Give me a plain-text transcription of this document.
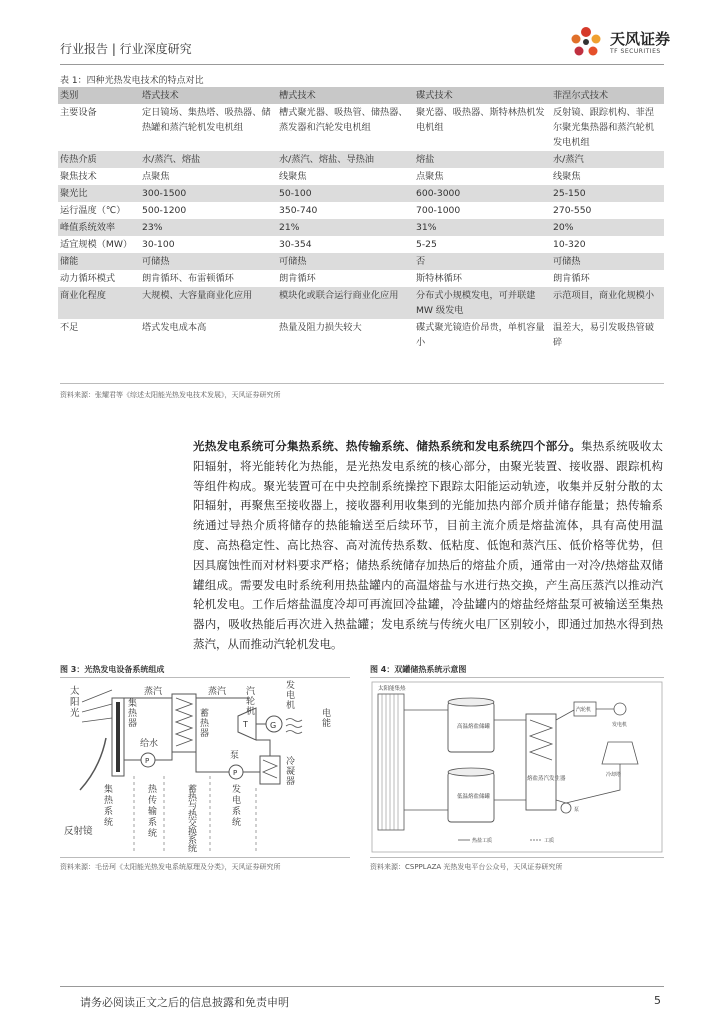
行业报告 | 行业深度研究
天风证券
TF SECURITIES
表 1：四种光热发电技术的特点对比
类别	塔式技术	槽式技术	碟式技术	菲涅尔式技术
主要设备	定日镜场、集热塔、吸热器、储热罐和蒸汽轮机发电机组	槽式聚光器、吸热管、储热器、蒸发器和汽轮发电机组	聚光器、吸热器、斯特林热机发电机组	反射镜、跟踪机构、菲涅尔聚光集热器和蒸汽轮机发电机组
传热介质	水/蒸汽、熔盐	水/蒸汽、熔盐、导热油	熔盐	水/蒸汽
聚焦技术	点聚焦	线聚焦	点聚焦	线聚焦
聚光比	300-1500	50-100	600-3000	25-150
运行温度（℃）	500-1200	350-740	700-1000	270-550
峰值系统效率	23%	21%	31%	20%
适宜规模（MW）	30-100	30-354	5-25	10-320
储能	可储热	可储热	否	可储热
动力循环模式	朗肯循环、布雷顿循环	朗肯循环	斯特林循环	朗肯循环
商业化程度	大规模、大容量商业化应用	模块化或联合运行商业化应用	分布式小规模发电，可并联建 MW 级发电	示范项目，商业化规模小
不足	塔式发电成本高	热量及阻力损失较大	碟式聚光镜造价昂贵，单机容量小	温差大，易引发吸热管破碎
资料来源：张耀君等《综述太阳能光热发电技术发展》，天风证券研究所
光热发电系统可分集热系统、热传输系统、储热系统和发电系统四个部分。集热系统吸收太阳辐射，将光能转化为热能，是光热发电系统的核心部分，由聚光装置、接收器、跟踪机构等组件构成。聚光装置可在中央控制系统操控下跟踪太阳能运动轨迹，收集并反射分散的太阳辐射，再聚焦至接收器上，接收器利用收集到的光能加热内部介质并储存能量；热传输系统通过导热介质将储存的热能输送至后续环节，目前主流介质是熔盐流体，具有高使用温度、高热稳定性、高比热容、高对流传热系数、低粘度、低饱和蒸汽压、低价格等优势，但因具腐蚀性而对材料要求严格；储热系统储存加热后的熔盐介质，通常由一对冷/热熔盐双储罐组成。需要发电时系统利用热盐罐内的高温熔盐与水进行热交换，产生高压蒸汽以推动汽轮机发电。工作后熔盐温度冷却可再流回冷盐罐，冷盐罐内的熔盐经熔盐泵可被输送至集热器内，吸收热能后再次进入热盐罐；发电系统与传统火电厂区别较小，即通过加热水得到热蒸汽，从而推动汽轮机发电。
图 3：光热发电设备系统组成
反射镜
蒸汽	蒸汽
T	G
P
给水
P
泵
集热系统
热传输系统
蓄热与热交换系统
发电系统
太阳光
集热器
蓄热器
汽轮机
发电机
电能
冷凝器
资料来源：毛岳珂《太阳能光热发电系统原理及分类》，天风证券研究所
图 4：双罐储热系统示意图
太阳能集热
高温熔盐储罐
低温熔盐储罐
熔盐蒸汽发生器
汽轮机
发电机
冷却塔
泵
热盐工质	工质
资料来源：CSPPLAZA 光热发电平台公众号，天风证券研究所
请务必阅读正文之后的信息披露和免责申明	5
